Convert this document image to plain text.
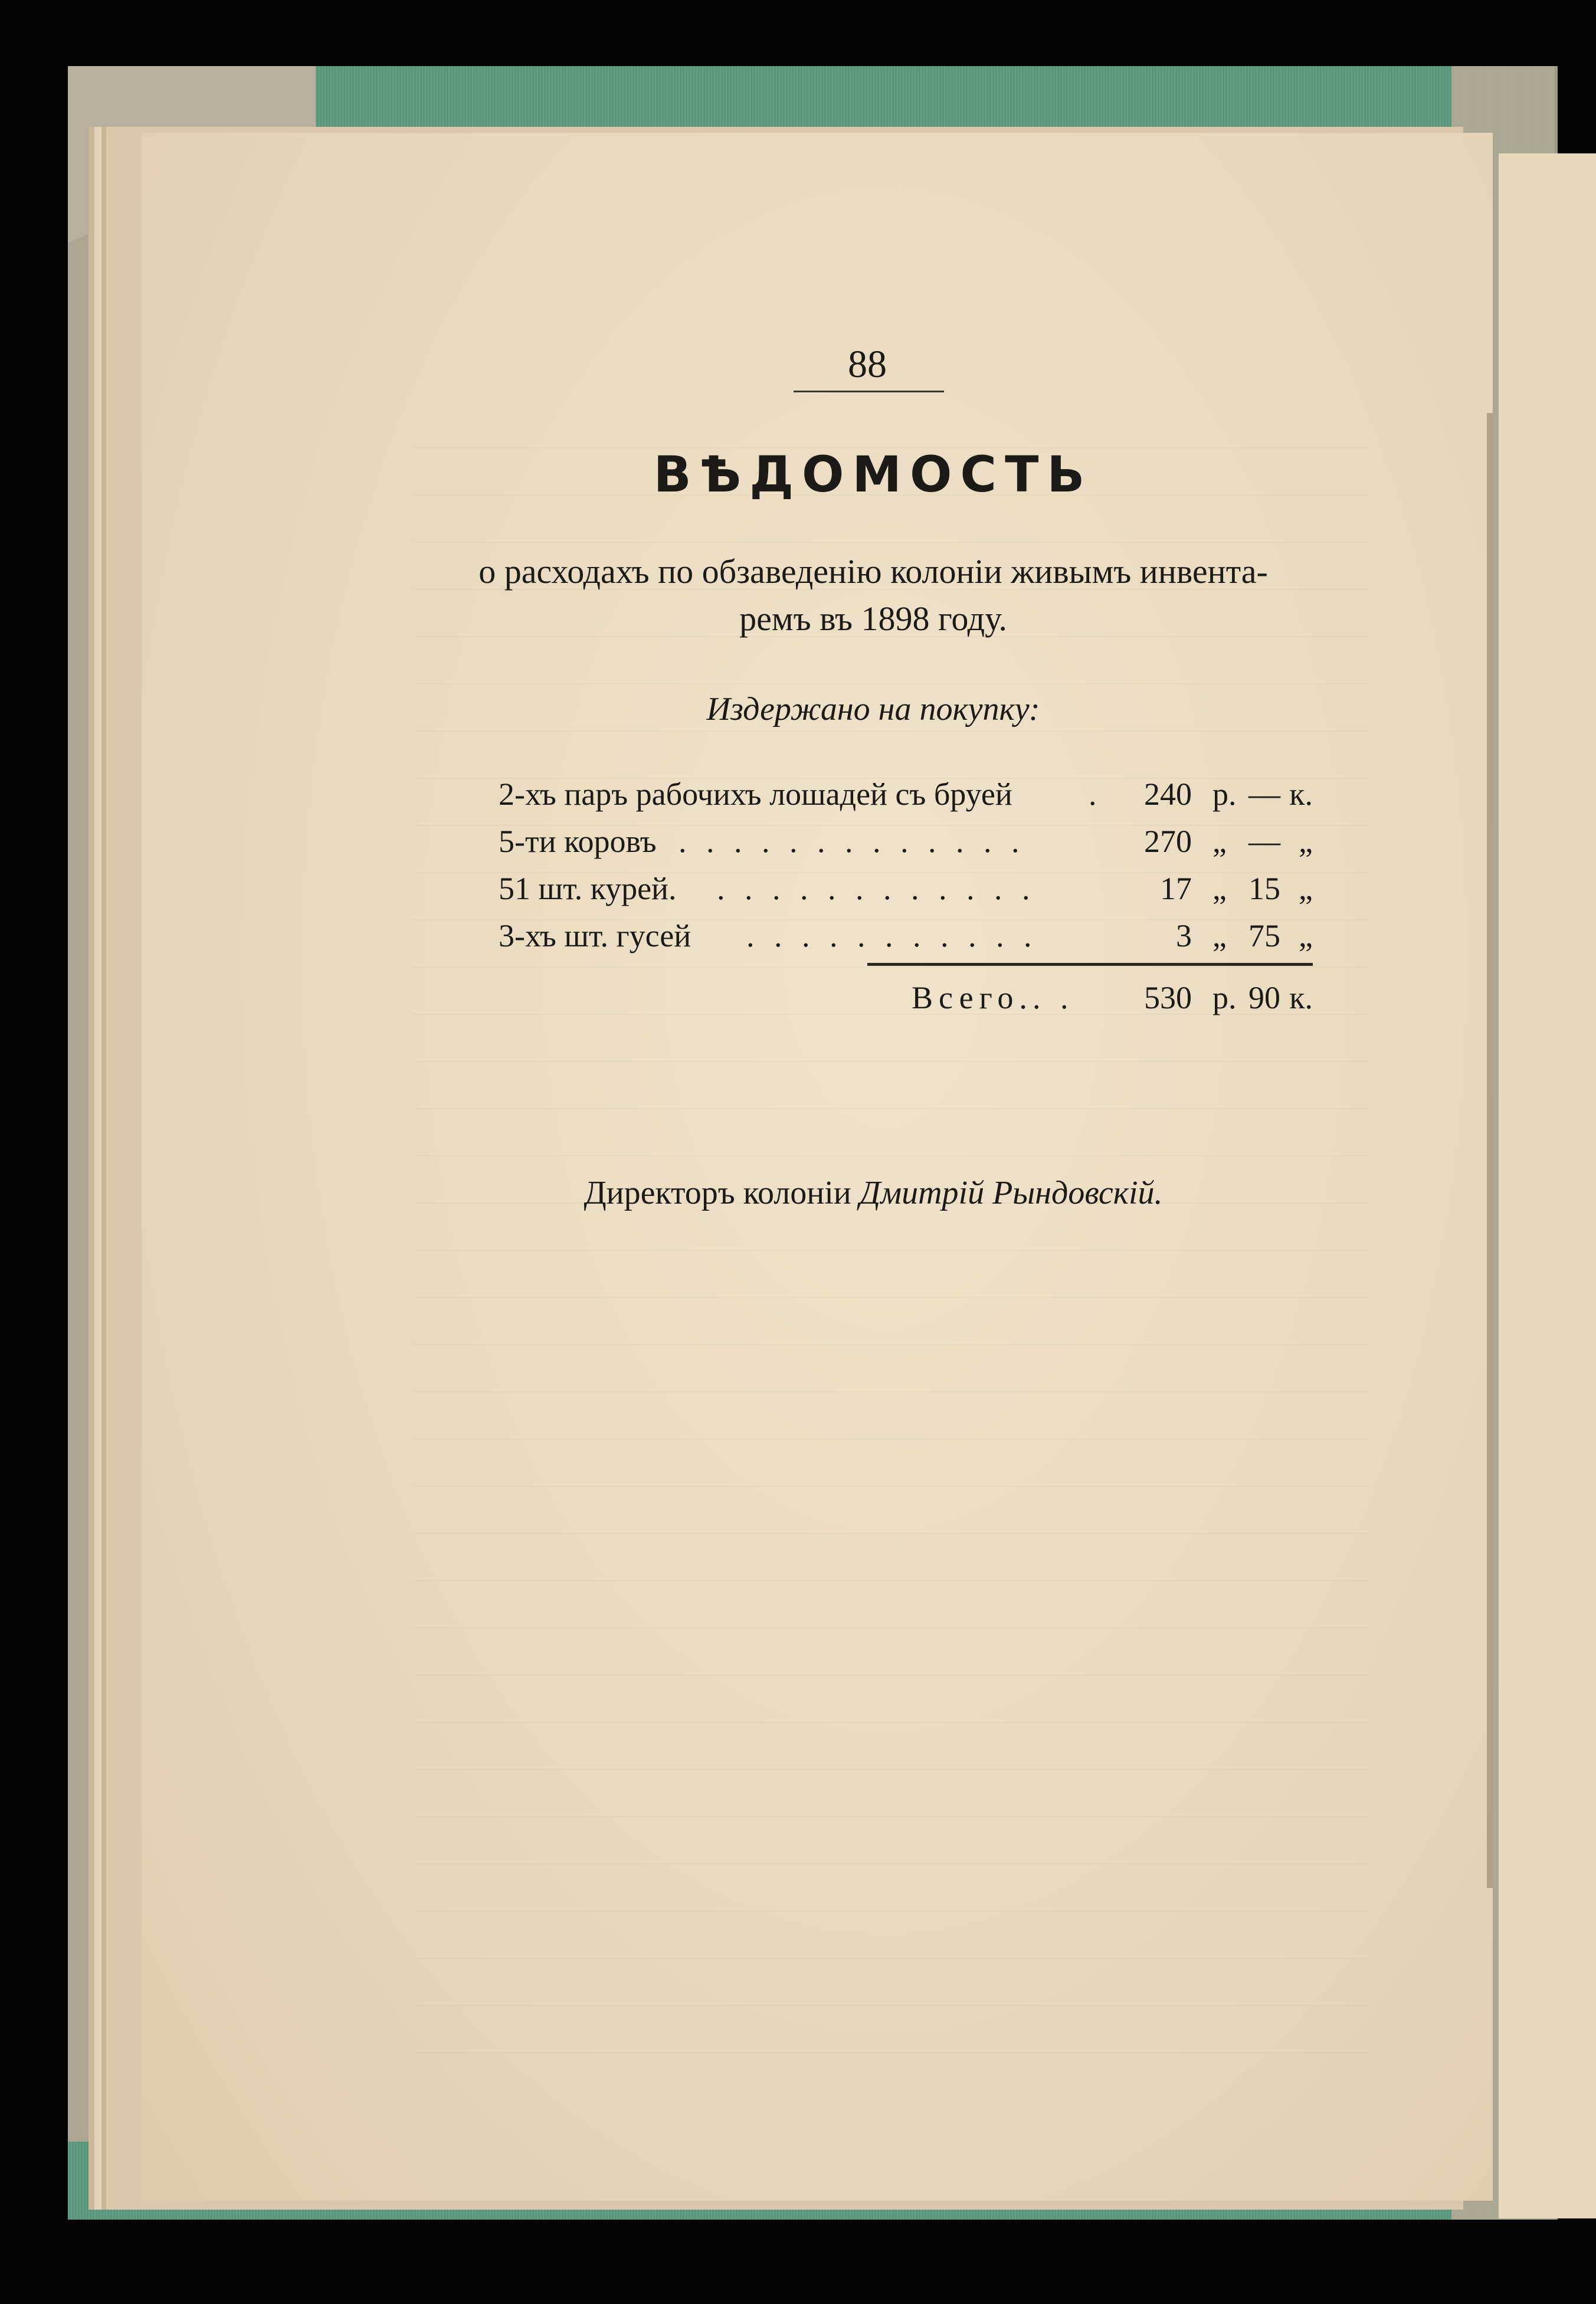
88
ВѢДОМОСТЬ
о расходахъ по обзаведенію колоніи живымъ инвента-
ремъ въ 1898 году.
Издержано на покупку:
2-хъ паръ рабочихъ лошадей съ бруей . 240 р. — к.
5-ти коровъ . . . . . . . . . . . . .	270 „ — „
51 шт. курей. . . . . . . . . . . . .	17 „ 15 „
3-хъ шт. гусей . . . . . . . . . . .	3 „ 75 „
Всего. . . 530 р. 90 к.
Директоръ колоніи Дмитрій Рындовскій.
